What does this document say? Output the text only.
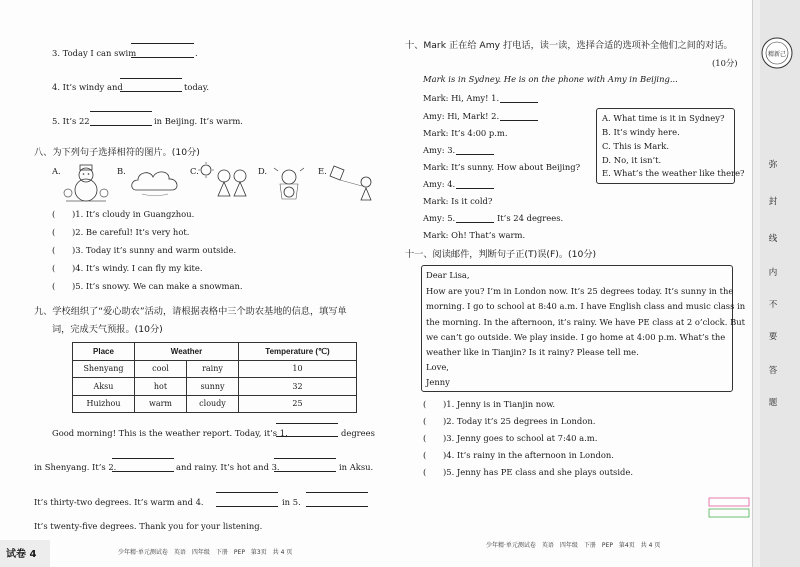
3. Today I can swim	.
4. It’s windy and	today.
5. It’s 22	in Beijing. It’s warm.
八、为下列句子选择相符的图片。(10分)
A.	B.	C.	D.	E.
(　　)1. It’s cloudy in Guangzhou.
(　　)2. Be careful! It’s very hot.
(　　)3. Today it’s sunny and warm outside.
(　　)4. It’s windy. I can fly my kite.
(　　)5. It’s snowy. We can make a snowman.
九、学校组织了“爱心助农”活动，请根据表格中三个助农基地的信息，填写单
词，完成天气预报。(10分)
Place	Weather		Temperature (℃)
Shenyang	cool	rainy	10
Aksu	hot	sunny	32
Huizhou	warm	cloudy	25
Good morning! This is the weather report. Today, it’s 1.	degrees
in Shenyang. It’s 2.	and rainy. It’s hot and 3.	in Aksu.
It’s thirty-two degrees. It’s warm and 4.	in 5.
It’s twenty-five degrees. Thank you for your listening.
试卷 4	少年精·单元测试卷　英语　四年级　下册　PEP　第3页　共 4 页
十、Mark 正在给 Amy 打电话，读一读，选择合适的选项补全他们之间的对话。
(10分)
Mark is in Sydney. He is on the phone with Amy in Beijing...
Mark: Hi, Amy! 1.
Amy: Hi, Mark! 2.
Mark: It’s 4:00 p.m.
Amy: 3.
Mark: It’s sunny. How about Beijing?
Amy: 4.
Mark: Is it cold?
Amy: 5.	It’s 24 degrees.
Mark: Oh! That’s warm.
A. What time is it in Sydney?
B. It’s windy here.
C. This is Mark.
D. No, it isn’t.
E. What’s the weather like there?
十一、阅读邮件，判断句子正(T)误(F)。(10分)
Dear Lisa,
How are you? I’m in London now. It’s 25 degrees today. It’s sunny in the
morning. I go to school at 8:40 a.m. I have English class and music class in
the morning. In the afternoon, it’s rainy. We have PE class at 2 o’clock. But
we can’t go outside. We play inside. I go home at 4:00 p.m. What’s the
weather like in Tianjin? Is it rainy? Please tell me.
Love,
Jenny
(　　)1. Jenny is in Tianjin now.
(　　)2. Today it’s 25 degrees in London.
(　　)3. Jenny goes to school at 7:40 a.m.
(　　)4. It’s rainy in the afternoon in London.
(　　)5. Jenny has PE class and she plays outside.
少年精·单元测试卷　英语　四年级　下册　PEP　第4页　共 4 页
精新己
弥
封
线
内
不
要
答
题
